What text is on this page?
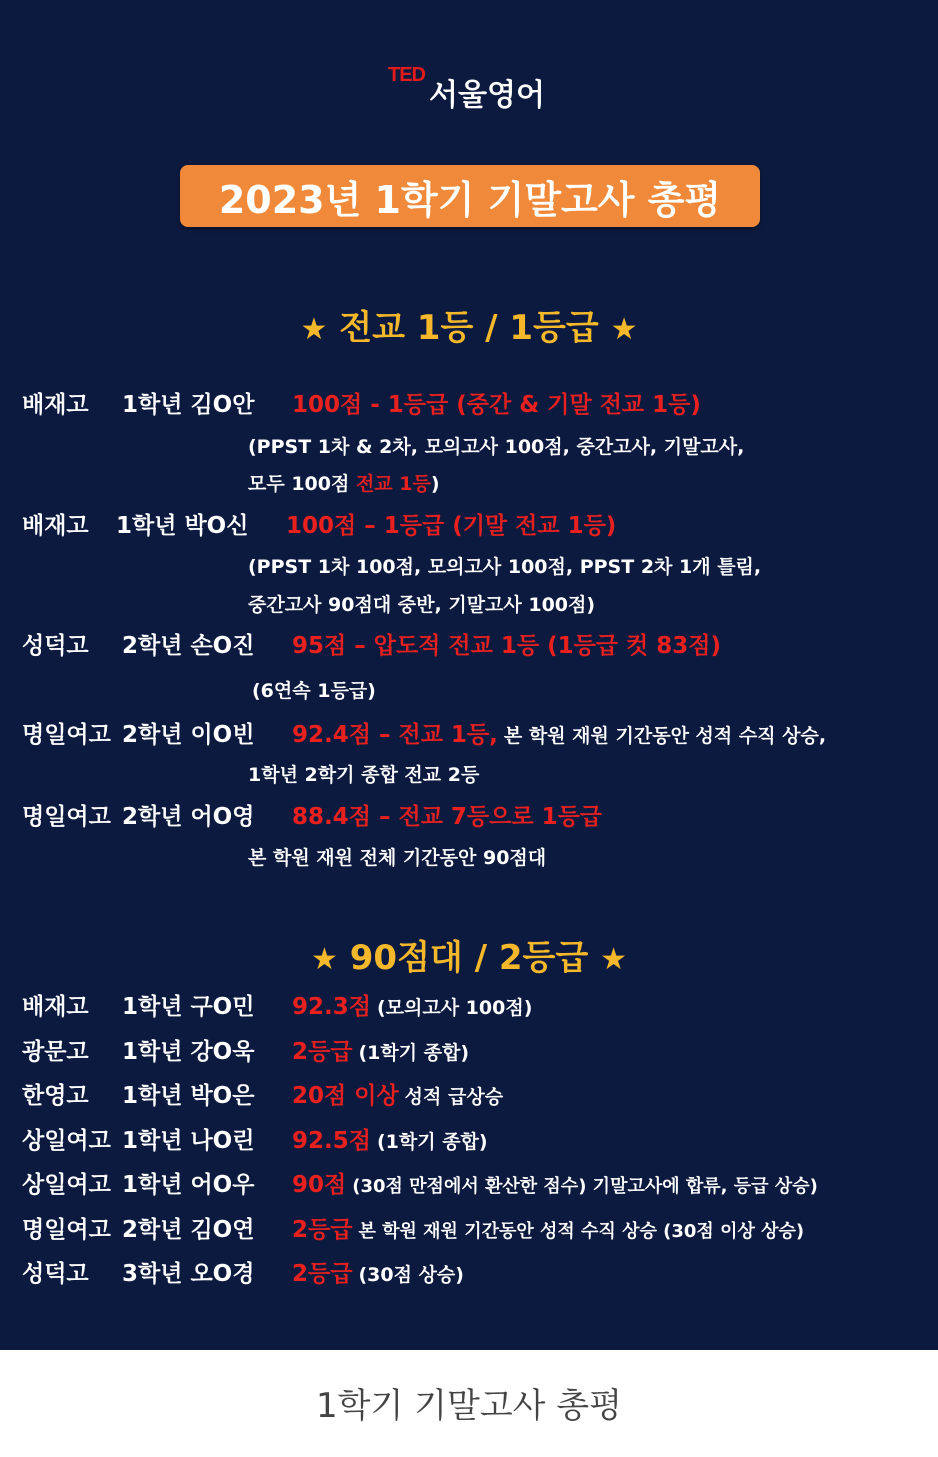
TED
서울영어
2023년 1학기 기말고사 총평
★ 전교 1등 / 1등급 ★
배재고	1학년 김O안	100점 - 1등급 (중간 & 기말 전교 1등)
(PPST 1차 & 2차, 모의고사 100점, 중간고사, 기말고사,
모두 100점 전교 1등)
배재고	1학년 박O신	100점 – 1등급 (기말 전교 1등)
(PPST 1차 100점, 모의고사 100점, PPST 2차 1개 틀림,
중간고사 90점대 중반, 기말고사 100점)
성덕고	2학년 손O진	95점 – 압도적 전교 1등 (1등급 컷 83점)
(6연속 1등급)
명일여고 2학년 이O빈	92.4점 – 전교 1등, 본 학원 재원 기간동안 성적 수직 상승,
1학년 2학기 종합 전교 2등
명일여고 2학년 어O영	88.4점 – 전교 7등으로 1등급
본 학원 재원 전체 기간동안 90점대
★ 90점대 / 2등급 ★
배재고	1학년 구O민	92.3점 (모의고사 100점)
광문고	1학년 강O욱	2등급 (1학기 종합)
한영고	1학년 박O은	20점 이상 성적 급상승
상일여고 1학년 나O린	92.5점 (1학기 종합)
상일여고 1학년 어O우	90점 (30점 만점에서 환산한 점수) 기말고사에 합류, 등급 상승)
명일여고 2학년 김O연	2등급 본 학원 재원 기간동안 성적 수직 상승 (30점 이상 상승)
성덕고	3학년 오O경	2등급 (30점 상승)
1학기 기말고사 총평
